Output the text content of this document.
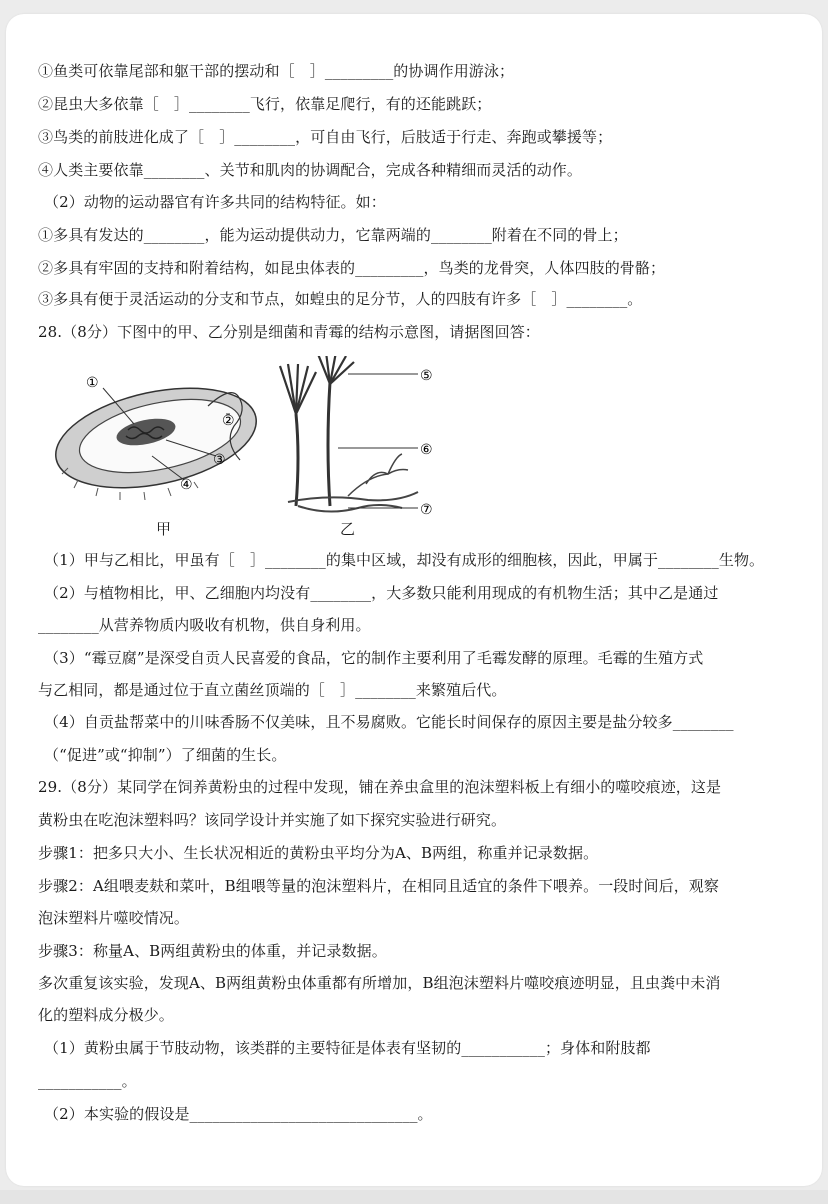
①鱼类可依靠尾部和躯干部的摆动和［　］_________的协调作用游泳；
②昆虫大多依靠［　］________飞行，依靠足爬行，有的还能跳跃；
③鸟类的前肢进化成了［　］________，可自由飞行，后肢适于行走、奔跑或攀援等；
④人类主要依靠________、关节和肌肉的协调配合，完成各种精细而灵活的动作。
（2）动物的运动器官有许多共同的结构特征。如：
①多具有发达的________，能为运动提供动力，它靠两端的________附着在不同的骨上；
②多具有牢固的支持和附着结构，如昆虫体表的_________，鸟类的龙骨突，人体四肢的骨骼；
③多具有便于灵活运动的分支和节点，如蝗虫的足分节，人的四肢有许多［　］________。
28.（8分）下图中的甲、乙分别是细菌和青霉的结构示意图，请据图回答：
①
②
③
④
⑤
⑥
⑦
甲	乙
（1）甲与乙相比，甲虽有［　］________的集中区域，却没有成形的细胞核，因此，甲属于________生物。
（2）与植物相比，甲、乙细胞内均没有________，大多数只能利用现成的有机物生活；其中乙是通过
________从营养物质内吸收有机物，供自身利用。
（3）“霉豆腐”是深受自贡人民喜爱的食品，它的制作主要利用了毛霉发酵的原理。毛霉的生殖方式
与乙相同，都是通过位于直立菌丝顶端的［　］________来繁殖后代。
（4）自贡盐帮菜中的川味香肠不仅美味，且不易腐败。它能长时间保存的原因主要是盐分较多________
（“促进”或“抑制”）了细菌的生长。
29.（8分）某同学在饲养黄粉虫的过程中发现，铺在养虫盒里的泡沫塑料板上有细小的噬咬痕迹，这是
黄粉虫在吃泡沫塑料吗？该同学设计并实施了如下探究实验进行研究。
步骤1：把多只大小、生长状况相近的黄粉虫平均分为A、B两组，称重并记录数据。
步骤2：A组喂麦麸和菜叶，B组喂等量的泡沫塑料片，在相同且适宜的条件下喂养。一段时间后，观察
泡沫塑料片噬咬情况。
步骤3：称量A、B两组黄粉虫的体重，并记录数据。
多次重复该实验，发现A、B两组黄粉虫体重都有所增加，B组泡沫塑料片噬咬痕迹明显，且虫粪中未消
化的塑料成分极少。
（1）黄粉虫属于节肢动物，该类群的主要特征是体表有坚韧的___________；身体和附肢都
___________。
（2）本实验的假设是______________________________。
